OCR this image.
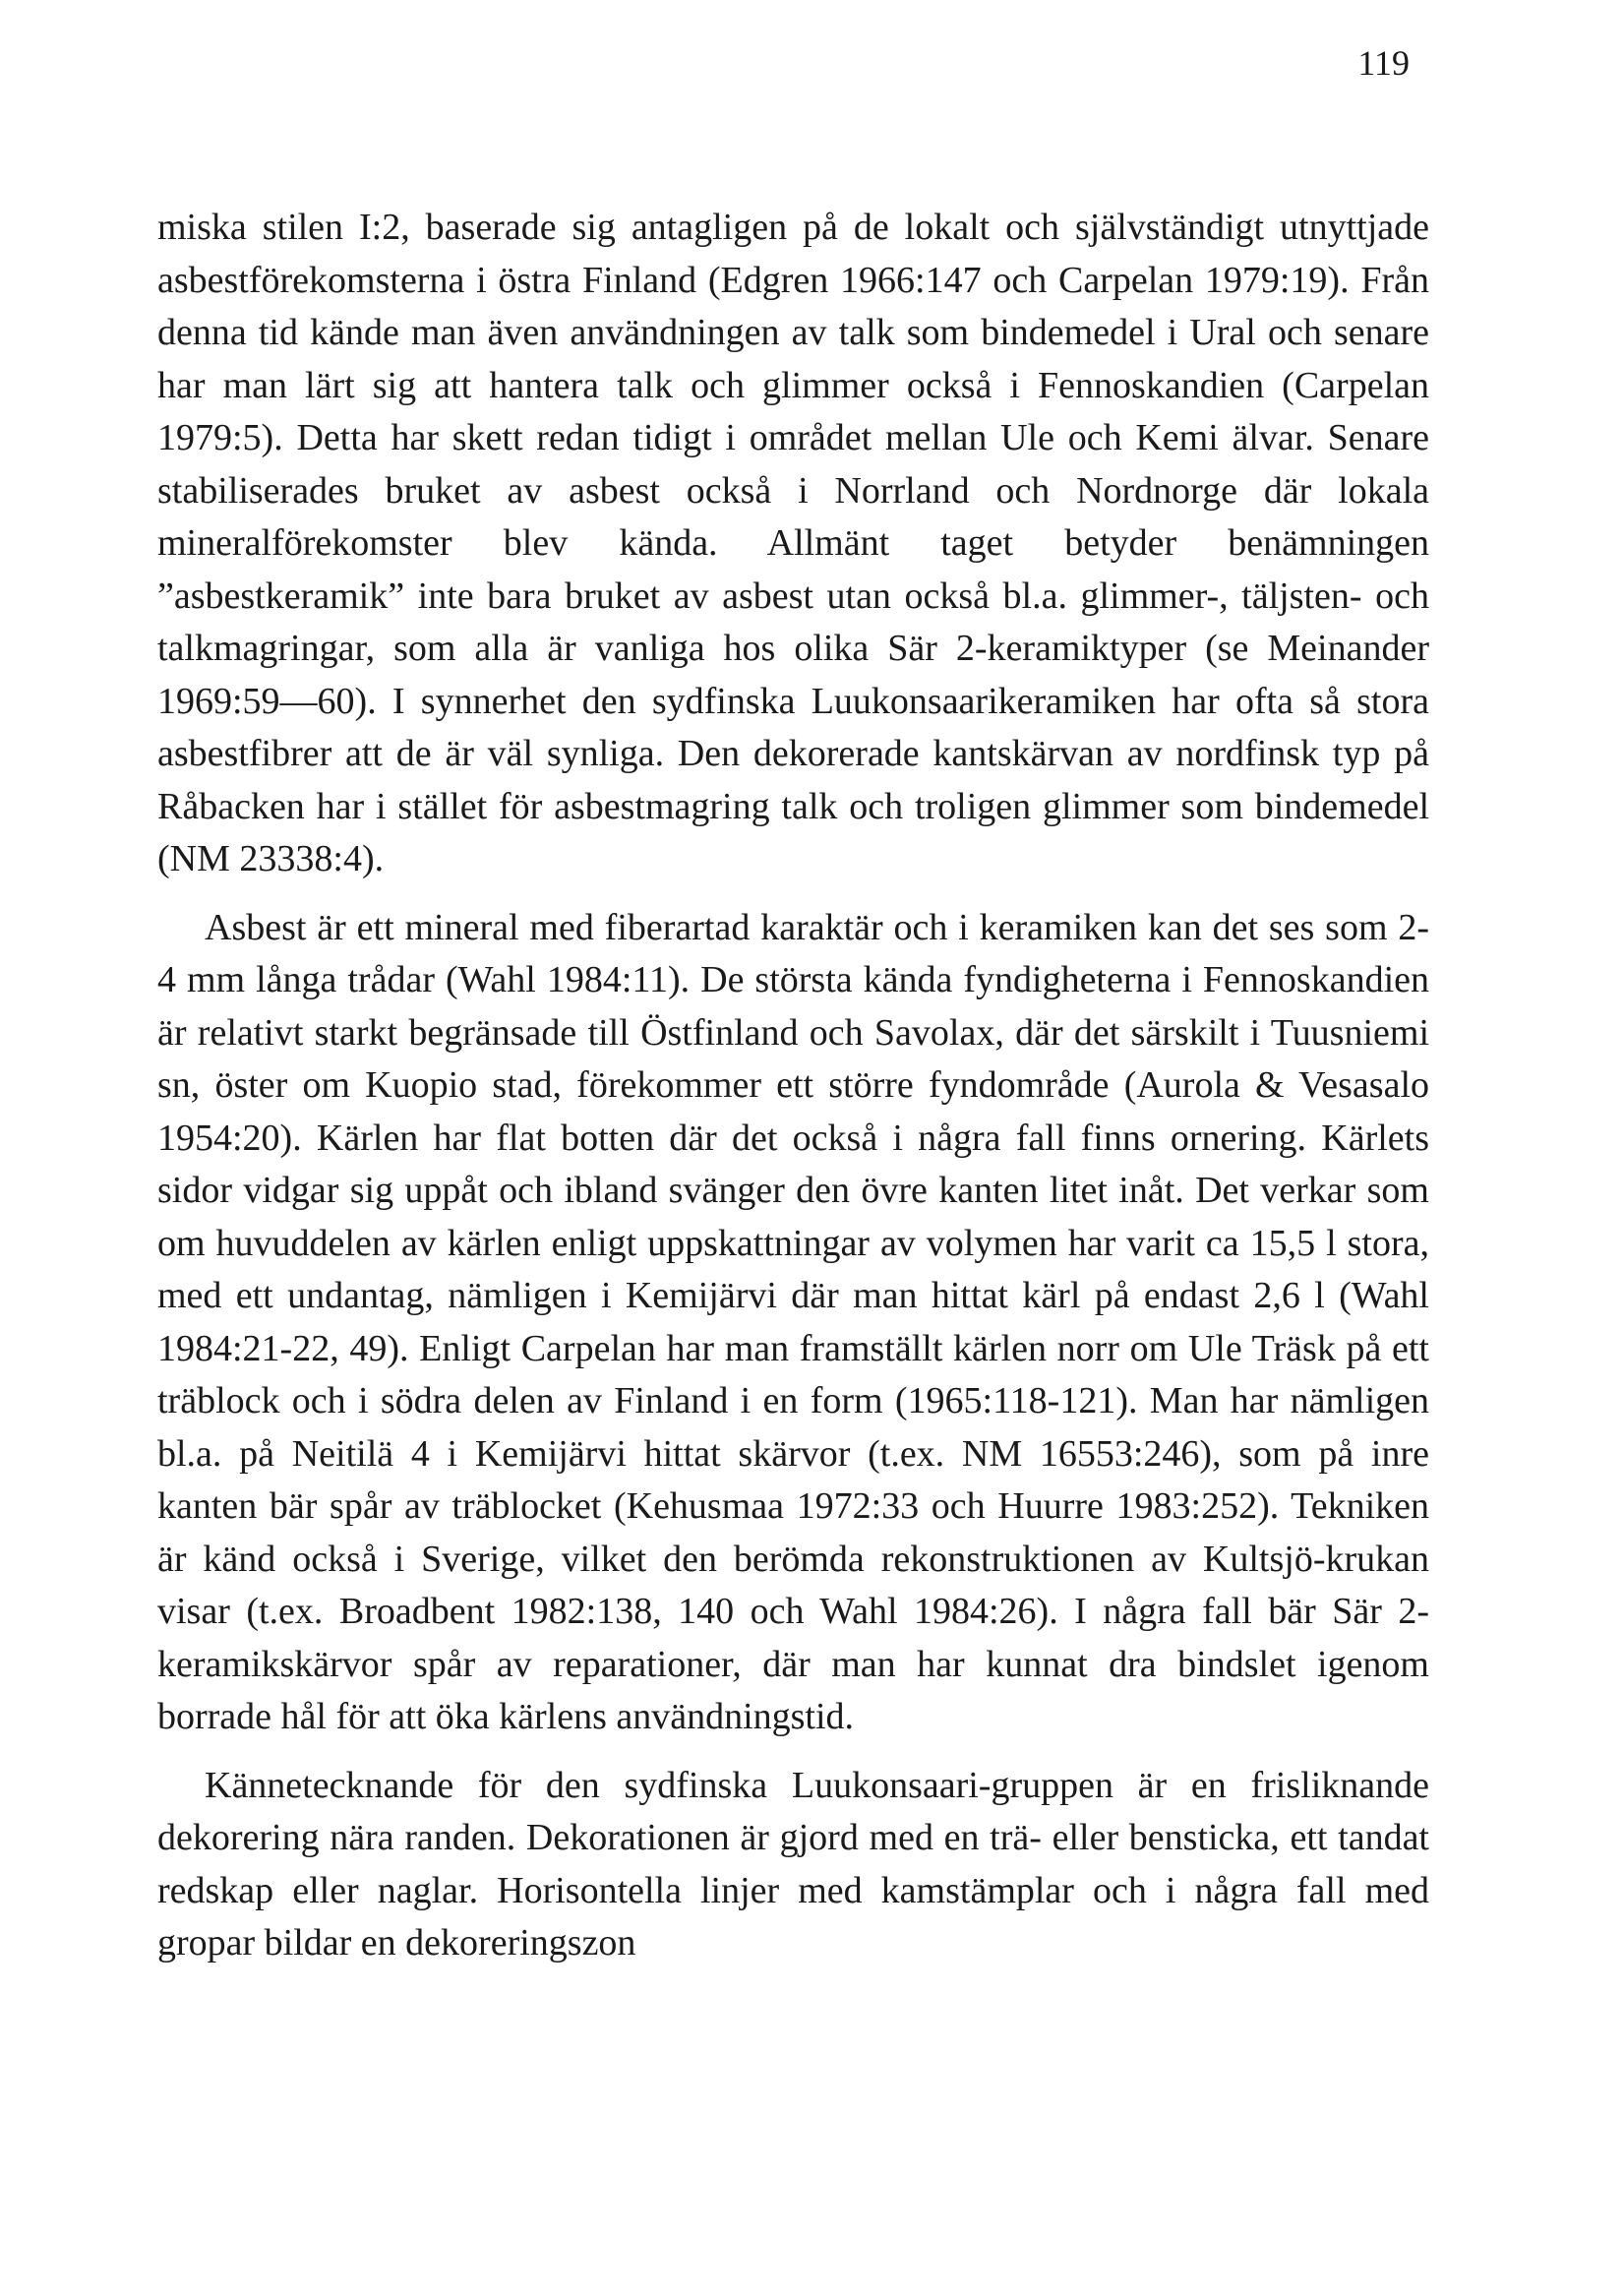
119

miska stilen I:2, baserade sig antagligen på de lokalt och självständigt utnyttjade asbestförekomsterna i östra Finland (Edgren 1966:147 och Carpelan 1979:19). Från denna tid kände man även användningen av talk som bindemedel i Ural och senare har man lärt sig att hantera talk och glimmer också i Fennoskandien (Carpelan 1979:5). Detta har skett redan tidigt i området mellan Ule och Kemi älvar. Senare stabiliserades bruket av asbest också i Norrland och Nordnorge där lokala mineralförekomster blev kända. Allmänt taget betyder benämningen ”asbestkeramik” inte bara bruket av asbest utan också bl.a. glimmer-, täljsten- och talkmagringar, som alla är vanliga hos olika Sär 2-keramiktyper (se Meinander 1969:59—60). I synnerhet den sydfinska Luukonsaarikeramiken har ofta så stora asbestfibrer att de är väl synliga. Den dekorerade kantskärvan av nordfinsk typ på Råbacken har i stället för asbestmagring talk och troligen glimmer som bindemedel (NM 23338:4).

Asbest är ett mineral med fiberartad karaktär och i keramiken kan det ses som 2-4 mm långa trådar (Wahl 1984:11). De största kända fyndigheterna i Fennoskandien är relativt starkt begränsade till Östfinland och Savolax, där det särskilt i Tuusniemi sn, öster om Kuopio stad, förekommer ett större fyndområde (Aurola & Vesasalo 1954:20). Kärlen har flat botten där det också i några fall finns ornering. Kärlets sidor vidgar sig uppåt och ibland svänger den övre kanten litet inåt. Det verkar som om huvuddelen av kärlen enligt uppskattningar av volymen har varit ca 15,5 l stora, med ett undantag, nämligen i Kemijärvi där man hittat kärl på endast 2,6 l (Wahl 1984:21-22, 49). Enligt Carpelan har man framställt kärlen norr om Ule Träsk på ett träblock och i södra delen av Finland i en form (1965:118-121). Man har nämligen bl.a. på Neitilä 4 i Kemijärvi hittat skärvor (t.ex. NM 16553:246), som på inre kanten bär spår av träblocket (Kehusmaa 1972:33 och Huurre 1983:252). Tekniken är känd också i Sverige, vilket den berömda rekonstruktionen av Kultsjö-krukan visar (t.ex. Broadbent 1982:138, 140 och Wahl 1984:26). I några fall bär Sär 2-keramikskärvor spår av reparationer, där man har kunnat dra bindslet igenom borrade hål för att öka kärlens användningstid.

Kännetecknande för den sydfinska Luukonsaari-gruppen är en frisliknande dekorering nära randen. Dekorationen är gjord med en trä- eller bensticka, ett tandat redskap eller naglar. Horisontella linjer med kamstämplar och i några fall med gropar bildar en dekoreringszon
